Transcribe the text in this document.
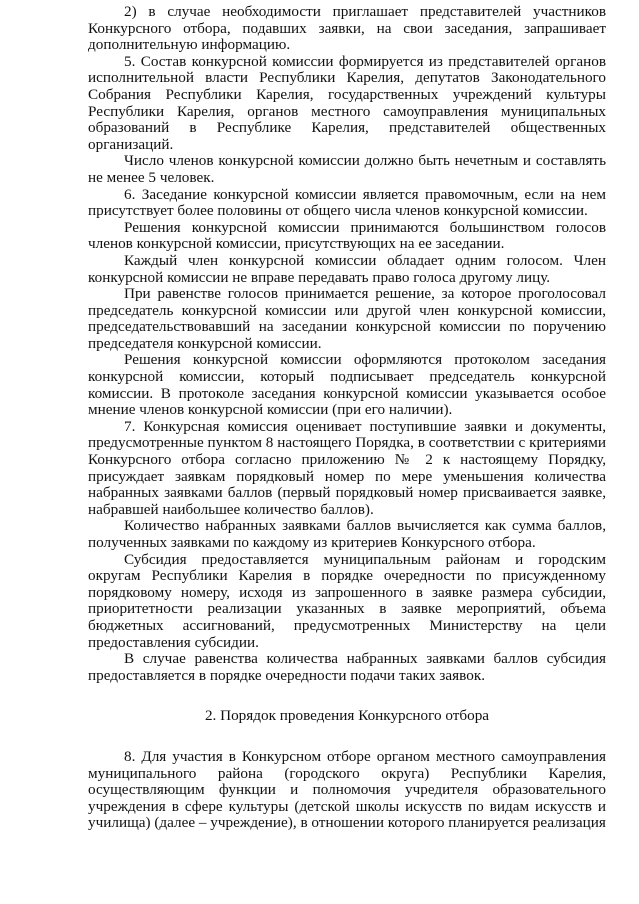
2) в случае необходимости приглашает представителей участников Конкурсного отбора, подавших заявки, на свои заседания, запрашивает дополнительную информацию.

5. Состав конкурсной комиссии формируется из представителей органов исполнительной власти Республики Карелия, депутатов Законодательного Собрания Республики Карелия, государственных учреждений культуры Республики Карелия, органов местного самоуправления муниципальных образований в Республике Карелия, представителей общественных организаций.

Число членов конкурсной комиссии должно быть нечетным и составлять не менее 5 человек.

6. Заседание конкурсной комиссии является правомочным, если на нем присутствует более половины от общего числа членов конкурсной комиссии.

Решения конкурсной комиссии принимаются большинством голосов членов конкурсной комиссии, присутствующих на ее заседании.

Каждый член конкурсной комиссии обладает одним голосом. Член конкурсной комиссии не вправе передавать право голоса другому лицу.

При равенстве голосов принимается решение, за которое проголосовал председатель конкурсной комиссии или другой член конкурсной комиссии, председательствовавший на заседании конкурсной комиссии по поручению председателя конкурсной комиссии.

Решения конкурсной комиссии оформляются протоколом заседания конкурсной комиссии, который подписывает председатель конкурсной комиссии. В протоколе заседания конкурсной комиссии указывается особое мнение членов конкурсной комиссии (при его наличии).

7. Конкурсная комиссия оценивает поступившие заявки и документы, предусмотренные пунктом 8 настоящего Порядка, в соответствии с критериями Конкурсного отбора согласно приложению № 2 к настоящему Порядку, присуждает заявкам порядковый номер по мере уменьшения количества набранных заявками баллов (первый порядковый номер присваивается заявке, набравшей наибольшее количество баллов).

Количество набранных заявками баллов вычисляется как сумма баллов, полученных заявками по каждому из критериев Конкурсного отбора.

Субсидия предоставляется муниципальным районам и городским округам Республики Карелия в порядке очередности по присужденному порядковому номеру, исходя из запрошенного в заявке размера субсидии, приоритетности реализации указанных в заявке мероприятий, объема бюджетных ассигнований, предусмотренных Министерству на цели предоставления субсидии.

В случае равенства количества набранных заявками баллов субсидия предоставляется в порядке очередности подачи таких заявок.

2. Порядок проведения Конкурсного отбора

8. Для участия в Конкурсном отборе органом местного самоуправления муниципального района (городского округа) Республики Карелия, осуществляющим функции и полномочия учредителя образовательного учреждения в сфере культуры (детской школы искусств по видам искусств и училища) (далее – учреждение), в отношении которого планируется реализация
